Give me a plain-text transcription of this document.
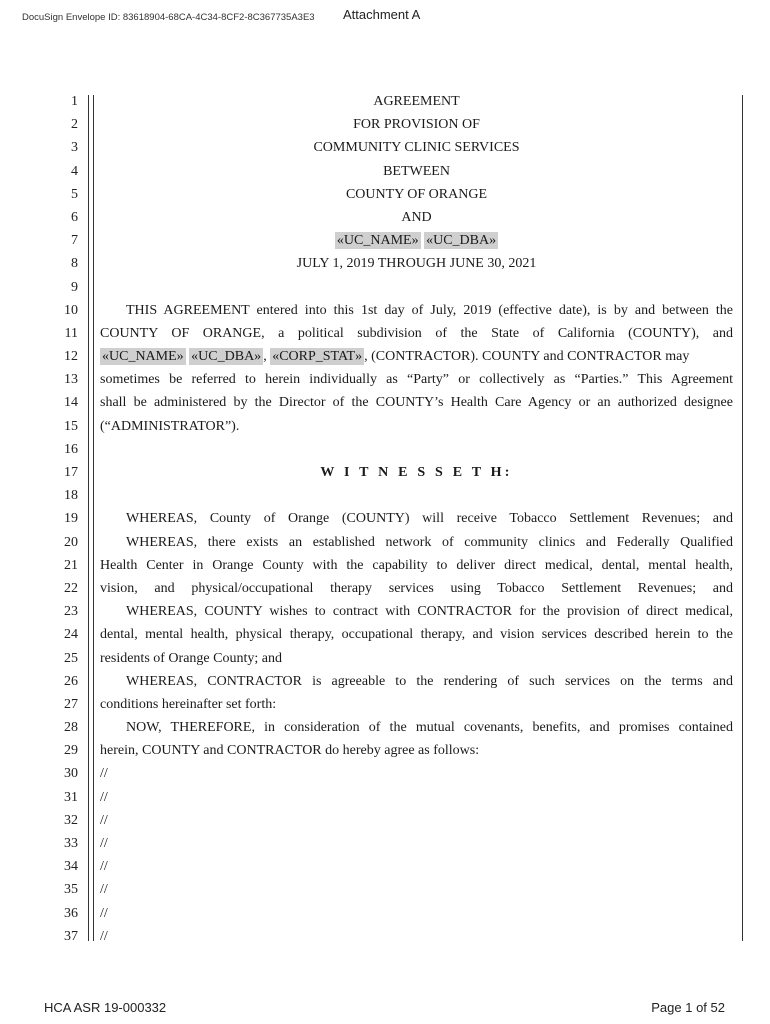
DocuSign Envelope ID: 83618904-68CA-4C34-8CF2-8C367735A3E3 Attachment A
1
2
3
4
5
6
7
8
9
10
11
12
13
14
15
16
17
18
19
20
21
22
23
24
25
26
27
28
29
30
31
32
33
34
35
36
37
AGREEMENT
FOR PROVISION OF
COMMUNITY CLINIC SERVICES
BETWEEN
COUNTY OF ORANGE
AND
«UC_NAME» «UC_DBA»
JULY 1, 2019 THROUGH JUNE 30, 2021
THIS AGREEMENT entered into this 1st day of July, 2019 (effective date), is by and between the
COUNTY OF ORANGE, a political subdivision of the State of California (COUNTY), and
«UC_NAME» «UC_DBA» , «CORP_STAT» , (CONTRACTOR). COUNTY and CONTRACTOR may
sometimes be referred to herein individually as “Party” or collectively as “Parties.” This Agreement
shall be administered by the Director of the COUNTY’s Health Care Agency or an authorized designee
(“ADMINISTRATOR”).
W I T N E S S E T H:
WHEREAS, County of Orange (COUNTY) will receive Tobacco Settlement Revenues; and
WHEREAS, there exists an established network of community clinics and Federally Qualified
Health Center in Orange County with the capability to deliver direct medical, dental, mental health,
vision, and physical/occupational therapy services using Tobacco Settlement Revenues; and
WHEREAS, COUNTY wishes to contract with CONTRACTOR for the provision of direct medical,
dental, mental health, physical therapy, occupational therapy, and vision services described herein to the
residents of Orange County; and
WHEREAS, CONTRACTOR is agreeable to the rendering of such services on the terms and
conditions hereinafter set forth:
NOW, THEREFORE, in consideration of the mutual covenants, benefits, and promises contained
herein, COUNTY and CONTRACTOR do hereby agree as follows:
//
//
//
//
//
//
//
//
HCA ASR 19-000332	Page 1 of 52
